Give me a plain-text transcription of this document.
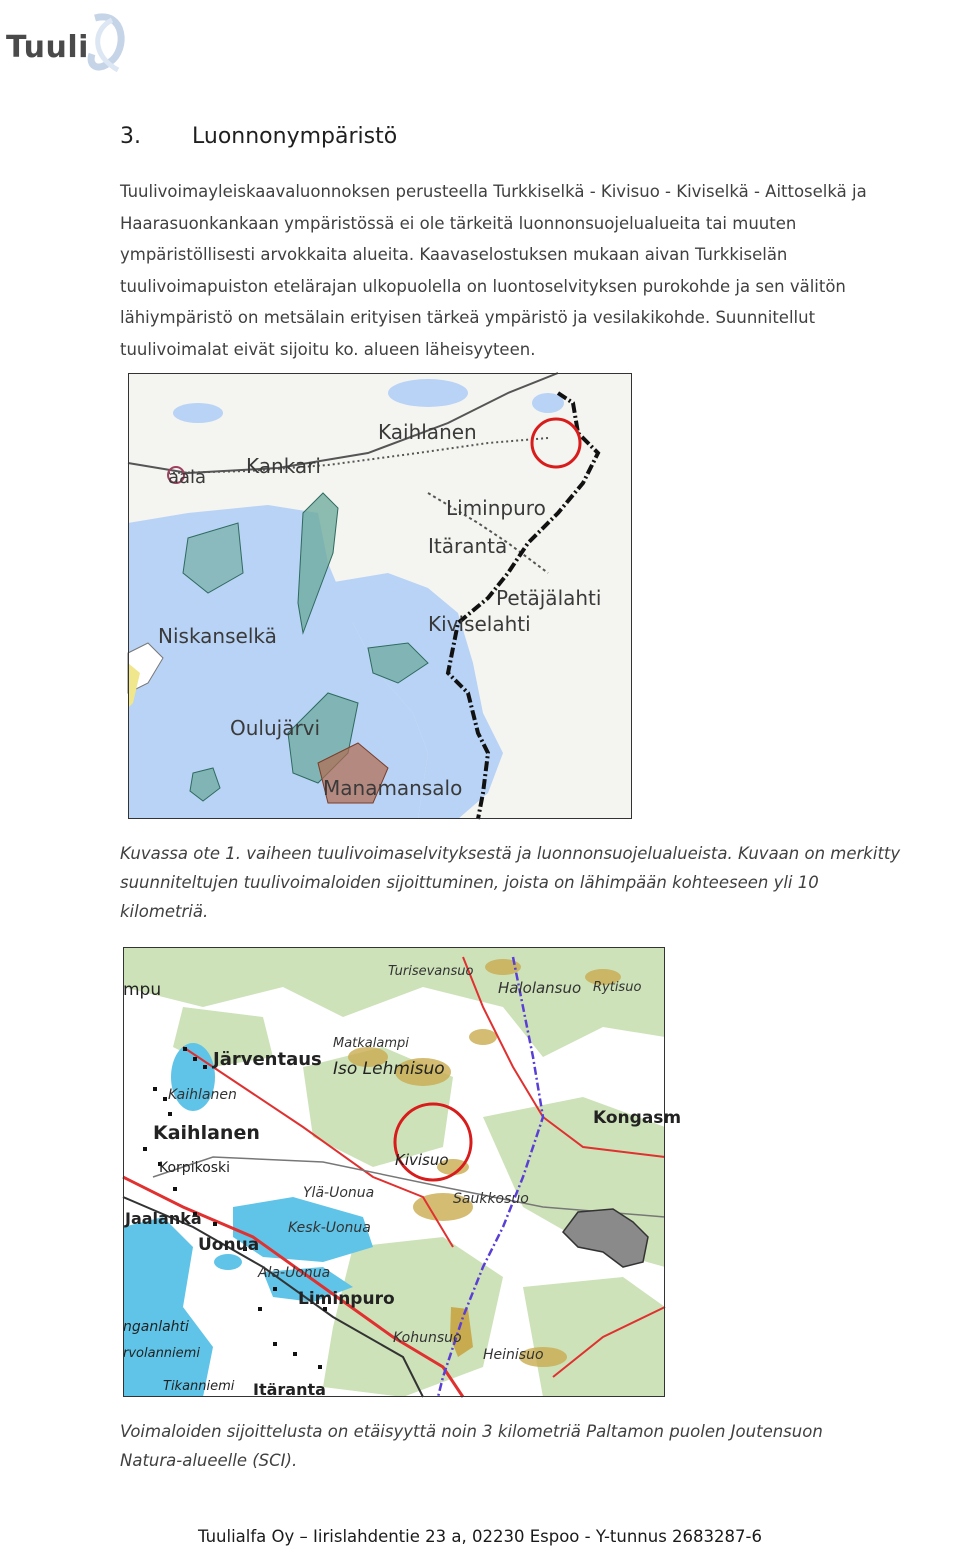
Tuuli
3. Luonnonympäristö
Tuulivoimayleiskaavaluonnoksen perusteella Turkkiselkä - Kivisuo - Kiviselkä - Aittoselkä ja
Haarasuonkankaan ympäristössä ei ole tärkeitä luonnonsuojelualueita tai muuten
ympäristöllisesti arvokkaita alueita. Kaavaselostuksen mukaan aivan Turkkiselän
tuulivoimapuiston etelärajan ulkopuolella on luontoselvityksen purokohde ja sen välitön
lähiympäristö on metsälain erityisen tärkeä ympäristö ja vesilakikohde. Suunnitellut
tuulivoimalat eivät sijoitu ko. alueen läheisyyteen.
Kaihlanen
Kankari
aala
Liminpuro
Itäranta
Petäjälahti
Kiviselahti
Niskanselkä
Oulujärvi
Manamansalo
Kuvassa ote 1. vaiheen tuulivoimaselvityksestä ja luonnonsuojelualueista. Kuvaan on merkitty
suunniteltujen tuulivoimaloiden sijoittuminen, joista on lähimpään kohteeseen yli 10
kilometriä.
Turisevansuo
Halolansuo Rytisuo
mpu
Matkalampi
Järventaus Iso Lehmisuo
Kaihlanen
Kaihlanen
Kongasm
Korpikoski	Kivisuo
Ylä-Uonua	Saukkosuo
Jaalanka	Kesk-Uonua
Uonua
Ala-Uonua
Liminpuro
nganlahti
Kohunsuo
Heinisuo
rvolanniemi
Tikanniemi Itäranta
Voimaloiden sijoittelusta on etäisyyttä noin 3 kilometriä Paltamon puolen Joutensuon
Natura-alueelle (SCI).
Tuulialfa Oy – Iirislahdentie 23 a, 02230 Espoo - Y-tunnus 2683287-6
